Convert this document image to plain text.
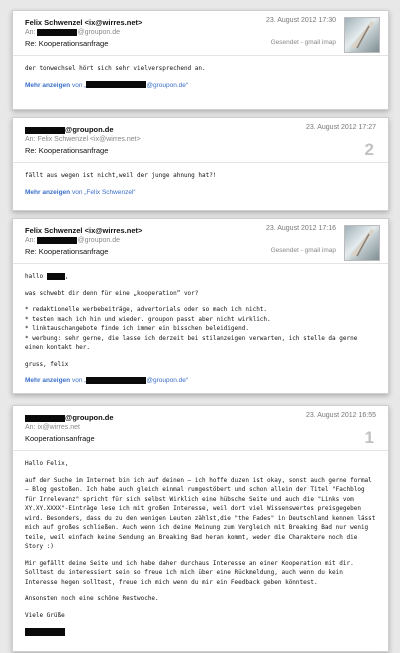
Felix Schwenzel <ix@wirres.net>
An:	@groupon.de
Re: Kooperationsanfrage
23. August 2012 17:30
Gesendet - gmail imap

der tonwechsel hört sich sehr vielversprechend an.

Mehr anzeigen von „	@groupon.de“
@groupon.de
An: Felix Schwenzel <ix@wirres.net>
Re: Kooperationsanfrage
23. August 2012 17:27
2

fällt aus wegen ist nicht,weil der junge ahnung hat?!

Mehr anzeigen von „Felix Schwenzel“
Felix Schwenzel <ix@wirres.net>
An:	@groupon.de
Re: Kooperationsanfrage
23. August 2012 17:16
Gesendet - gmail imap

hallo	,

was schwebt dir denn für eine „kooperation“ vor?

* redaktionelle werbebeiträge, advertorials oder so mach ich nicht.
* testen mach ich hin und wieder. groupon passt aber nicht wirklich.
* linktauschangebote finde ich immer ein bisschen beleidigend.
* werbung: sehr gerne, die lasse ich derzeit bei stilanzeigen verwarten, ich stelle da gerne einen kontakt her.

gruss, felix

Mehr anzeigen von „	@groupon.de“
@groupon.de
An: ix@wirres.net
Kooperationsanfrage
23. August 2012 16:55
1

Hallo Felix,

auf der Suche im Internet bin ich auf deinen – ich hoffe duzen ist okay, sonst auch gerne formal – Blog gestoßen. Ich habe auch gleich einmal rumgestöbert und schon allein der Titel "Fachblog für Irrelevanz" spricht für sich selbst Wirklich eine hübsche Seite und auch die "Links vom XY.XY.XXXX"-Einträge lese ich mit großen Interesse, weil dort viel Wissenswertes preisgegeben wird. Besonders, dass du zu den wenigen Leuten zählst,die "the Fades" in Deutschland kennen lässt mich auf großes schließen. Auch wenn ich deine Meinung zum Vergleich mit Breaking Bad nur wenig teile, weil einfach keine Sendung an Breaking Bad heran kommt, weder die Charaktere noch die Story :)

Mir gefällt deine Seite und ich habe daher durchaus Interesse an einer Kooperation mit dir. Solltest du interessiert sein so freue ich mich über eine Rückmeldung, auch wenn du kein Interesse hegen solltest, freue ich mich wenn du mir ein Feedback geben könntest.

Ansonsten noch eine schöne Restwoche.

Viele Grüße
